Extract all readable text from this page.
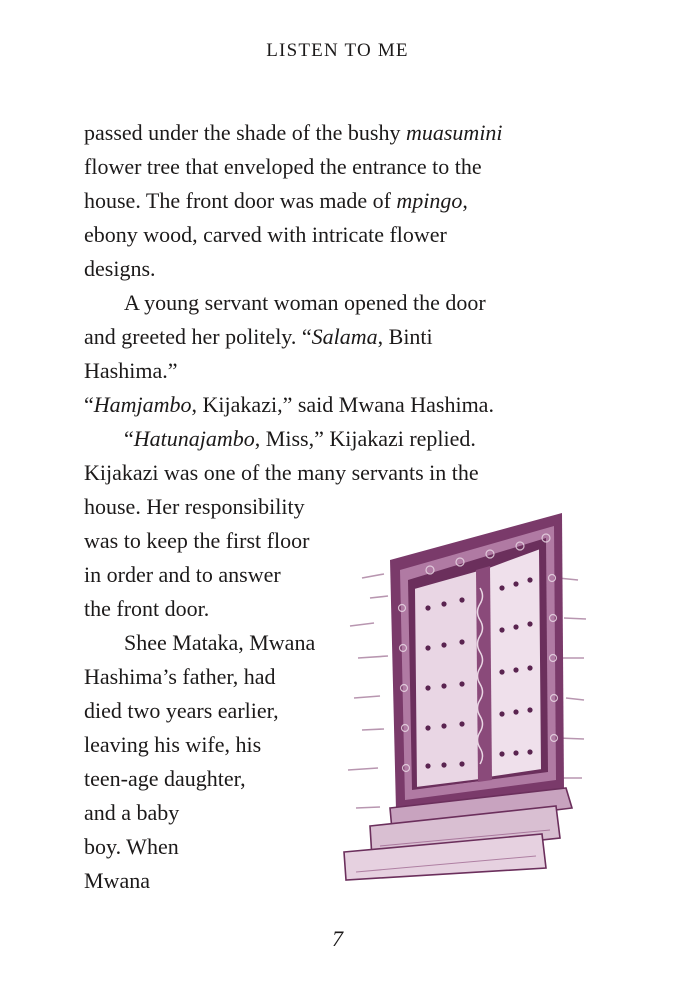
LISTEN TO ME
passed under the shade of the bushy muasumini
flower tree that enveloped the entrance to the
house. The front door was made of mpingo,
ebony wood, carved with intricate flower
designs.
A young servant woman opened the door
and greeted her politely. “Salama, Binti
Hashima.”
“Hamjambo, Kijakazi,” said Mwana Hashima.
“Hatunajambo, Miss,” Kijakazi replied.
Kijakazi was one of the many servants in the
house. Her responsibility
was to keep the first floor
in order and to answer
the front door.
Shee Mataka, Mwana
Hashima’s father, had
died two years earlier,
leaving his wife, his
teen-age daughter,
and a baby
boy. When
Mwana
7
